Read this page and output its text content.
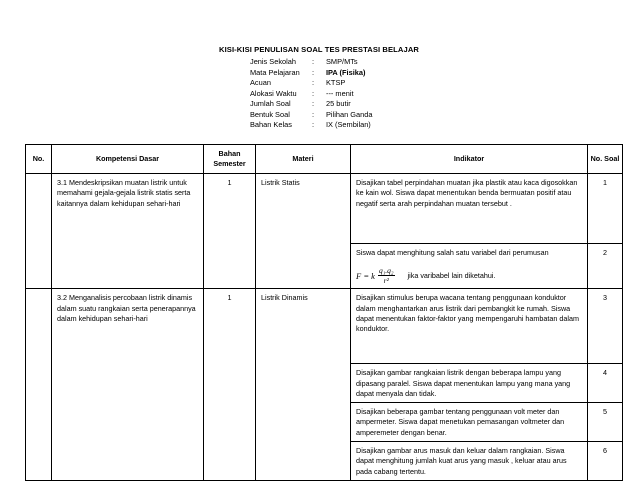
KISI-KISI PENULISAN SOAL TES PRESTASI BELAJAR
Jenis Sekolah	:	SMP/MTs
Mata Pelajaran	:	IPA (Fisika)
Acuan	:	KTSP
Alokasi Waktu	:	--- menit
Jumlah Soal	:	25 butir
Bentuk Soal	:	Pilihan Ganda
Bahan Kelas	:	IX (Sembilan)
No.	Kompetensi Dasar	Bahan Semester	Materi	Indikator	No. Soal

	3.1 Mendeskripsikan muatan listrik untuk memahami gejala-gejala listrik statis serta kaitannya dalam kehidupan sehari-hari	1	Listrik Statis	Disajikan tabel perpindahan muatan jika plastik atau kaca digosokkan ke kain wol. Siswa dapat menentukan benda bermuatan positif atau negatif serta arah perpindahan muatan tersebut .	1

				Siswa dapat menghitung salah satu variabel dari perumusan
F = k $\frac{\text{q₁.q₂}}{\text{r²}}$ jika varibabel lain diketahui.	2

	3.2 Menganalisis percobaan listrik dinamis dalam suatu rangkaian serta penerapannya dalam kehidupan sehari-hari	1	Listrik Dinamis	Disajikan stimulus berupa wacana tentang penggunaan konduktor dalam menghantarkan arus listrik dari pembangkit ke rumah. Siswa dapat menentukan faktor-faktor yang mempengaruhi hambatan dalam konduktor.	3

				Disajikan gambar rangkaian listrik dengan beberapa lampu yang dipasang paralel. Siswa dapat menentukan lampu yang mana yang dapat menyala dan tidak.	4

				Disajikan beberapa gambar tentang penggunaan volt meter dan ampermeter. Siswa dapat menetukan pemasangan voltmeter dan amperemeter dengan benar.	5

				Disajikan gambar arus masuk dan keluar dalam rangkaian. Siswa dapat menghitung jumlah kuat arus yang masuk , keluar atau arus pada cabang tertentu.	6
